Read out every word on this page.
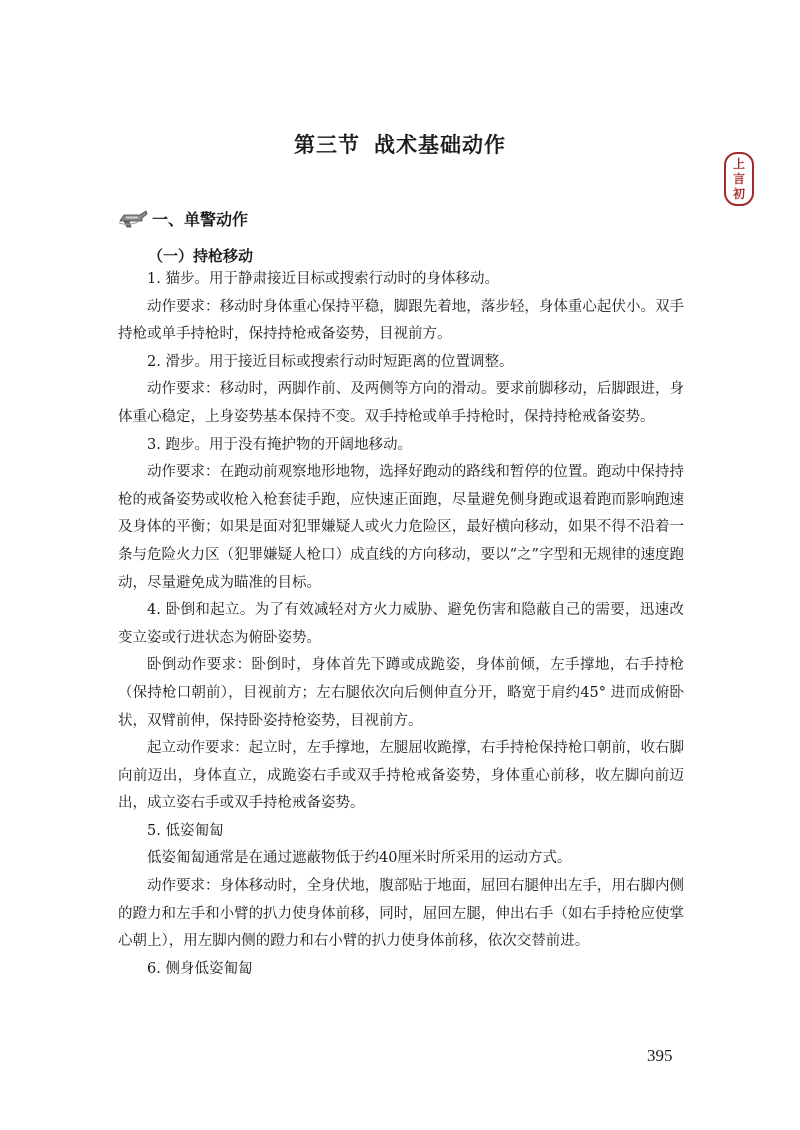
第三节 战术基础动作
上
言
初
一、单警动作
（一）持枪移动

1. 猫步。用于静肃接近目标或搜索行动时的身体移动。

动作要求：移动时身体重心保持平稳，脚跟先着地，落步轻，身体重心起伏小。双手持枪或单手持枪时，保持持枪戒备姿势，目视前方。

2. 滑步。用于接近目标或搜索行动时短距离的位置调整。

动作要求：移动时，两脚作前、及两侧等方向的滑动。要求前脚移动，后脚跟进，身体重心稳定，上身姿势基本保持不变。双手持枪或单手持枪时，保持持枪戒备姿势。

3. 跑步。用于没有掩护物的开阔地移动。

动作要求：在跑动前观察地形地物，选择好跑动的路线和暂停的位置。跑动中保持持枪的戒备姿势或收枪入枪套徒手跑，应快速正面跑，尽量避免侧身跑或退着跑而影响跑速及身体的平衡；如果是面对犯罪嫌疑人或火力危险区，最好横向移动，如果不得不沿着一条与危险火力区（犯罪嫌疑人枪口）成直线的方向移动，要以“之”字型和无规律的速度跑动，尽量避免成为瞄准的目标。

4. 卧倒和起立。为了有效减轻对方火力威胁、避免伤害和隐蔽自己的需要，迅速改变立姿或行进状态为俯卧姿势。

卧倒动作要求：卧倒时，身体首先下蹲或成跪姿，身体前倾，左手撑地，右手持枪（保持枪口朝前），目视前方；左右腿依次向后侧伸直分开，略宽于肩约45° 进而成俯卧状，双臂前伸，保持卧姿持枪姿势，目视前方。

起立动作要求：起立时，左手撑地，左腿屈收跪撑，右手持枪保持枪口朝前，收右脚向前迈出，身体直立，成跪姿右手或双手持枪戒备姿势，身体重心前移，收左脚向前迈出，成立姿右手或双手持枪戒备姿势。

5. 低姿匍匐

低姿匍匐通常是在通过遮蔽物低于约40厘米时所采用的运动方式。

动作要求：身体移动时，全身伏地，腹部贴于地面，屈回右腿伸出左手，用右脚内侧的蹬力和左手和小臂的扒力使身体前移，同时，屈回左腿，伸出右手（如右手持枪应使掌心朝上），用左脚内侧的蹬力和右小臂的扒力使身体前移，依次交替前进。

6. 侧身低姿匍匐

395
